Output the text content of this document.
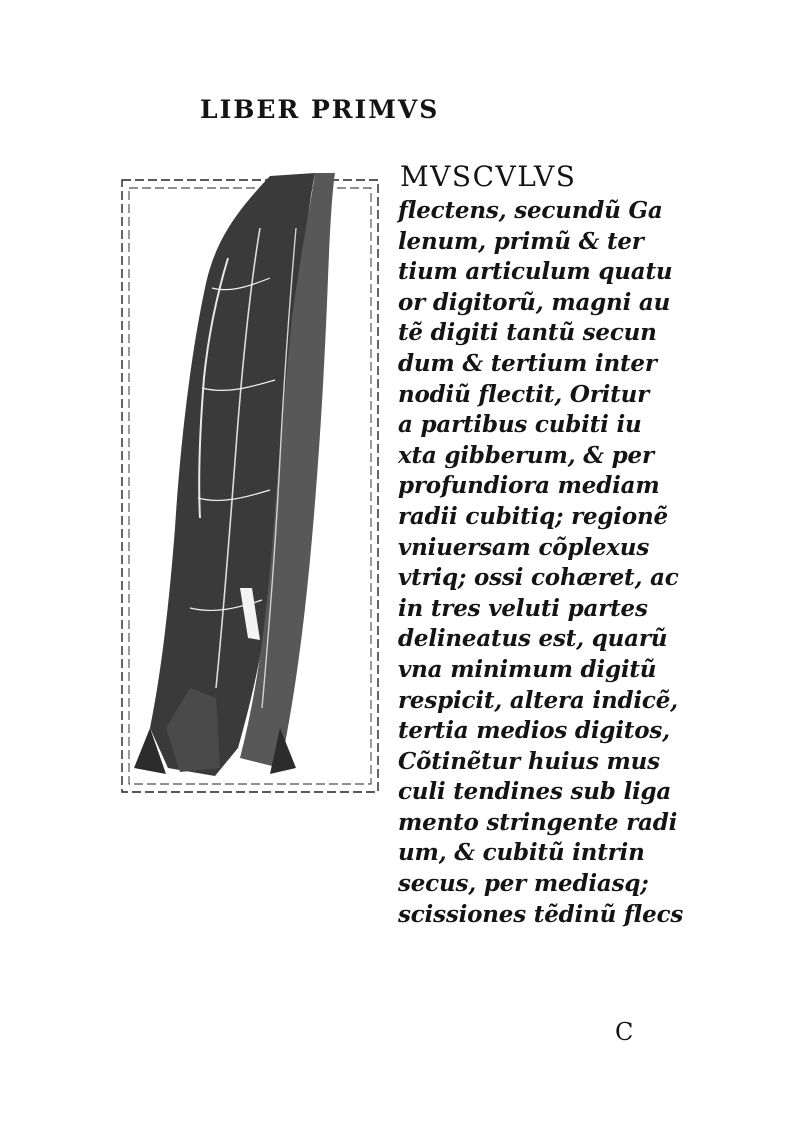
LIBER PRIMVS
MVSCVLVS
flectens, secundũ Ga
lenum, primũ & ter
tium articulum quatu
or digitorũ, magni au
tẽ digiti tantũ secun
dum & tertium inter
nodiũ flectit, Oritur
a partibus cubiti iu
xta gibberum, & per
profundiora mediam
radii cubitiq; regionẽ
vniuersam cõplexus
vtriq; ossi cohæret, ac
in tres veluti partes
delineatus est, quarũ
vna minimum digitũ
respicit, altera indicẽ,
tertia medios digitos,
Cõtinẽtur huius mus
culi tendines sub liga
mento stringente radi
um, & cubitũ intrin
secus, per mediasq;
scissiones tẽdinũ flecs
C
